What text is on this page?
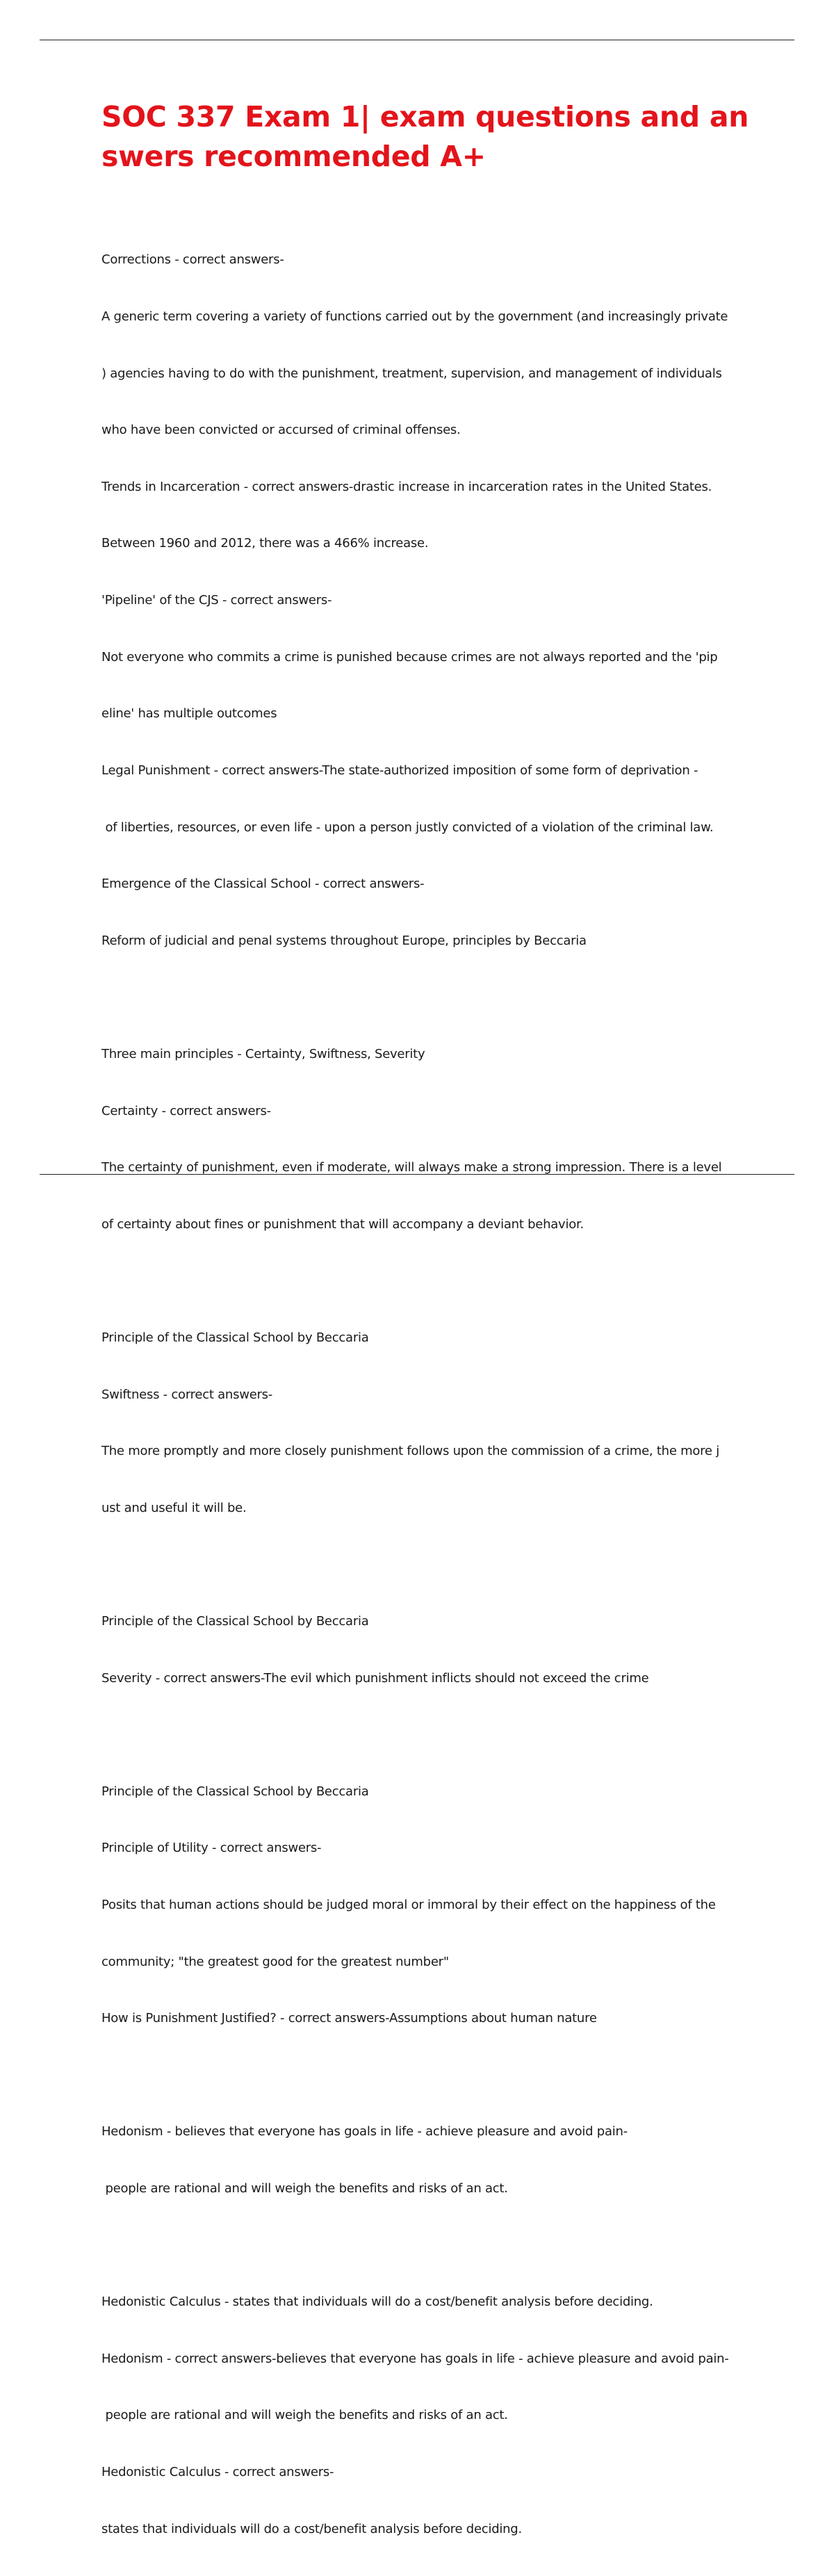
SOC 337 Exam 1| exam questions and answers recommended A+

Corrections - correct answers-

A generic term covering a variety of functions carried out by the government (and increasingly private

) agencies having to do with the punishment, treatment, supervision, and management of individuals

who have been convicted or accursed of criminal offenses.

Trends in Incarceration - correct answers-drastic increase in incarceration rates in the United States.

Between 1960 and 2012, there was a 466% increase.

'Pipeline' of the CJS - correct answers-

Not everyone who commits a crime is punished because crimes are not always reported and the 'pip

eline' has multiple outcomes

Legal Punishment - correct answers-The state-authorized imposition of some form of deprivation -

of liberties, resources, or even life - upon a person justly convicted of a violation of the criminal law.

Emergence of the Classical School - correct answers-

Reform of judicial and penal systems throughout Europe, principles by Beccaria

Three main principles - Certainty, Swiftness, Severity

Certainty - correct answers-

The certainty of punishment, even if moderate, will always make a strong impression. There is a level

of certainty about fines or punishment that will accompany a deviant behavior.

Principle of the Classical School by Beccaria

Swiftness - correct answers-

The more promptly and more closely punishment follows upon the commission of a crime, the more j

ust and useful it will be.

Principle of the Classical School by Beccaria

Severity - correct answers-The evil which punishment inflicts should not exceed the crime

Principle of the Classical School by Beccaria

Principle of Utility - correct answers-

Posits that human actions should be judged moral or immoral by their effect on the happiness of the

community; "the greatest good for the greatest number"

How is Punishment Justified? - correct answers-Assumptions about human nature

Hedonism - believes that everyone has goals in life - achieve pleasure and avoid pain-

people are rational and will weigh the benefits and risks of an act.

Hedonistic Calculus - states that individuals will do a cost/benefit analysis before deciding.

Hedonism - correct answers-believes that everyone has goals in life - achieve pleasure and avoid pain-

people are rational and will weigh the benefits and risks of an act.

Hedonistic Calculus - correct answers-

states that individuals will do a cost/benefit analysis before deciding.
